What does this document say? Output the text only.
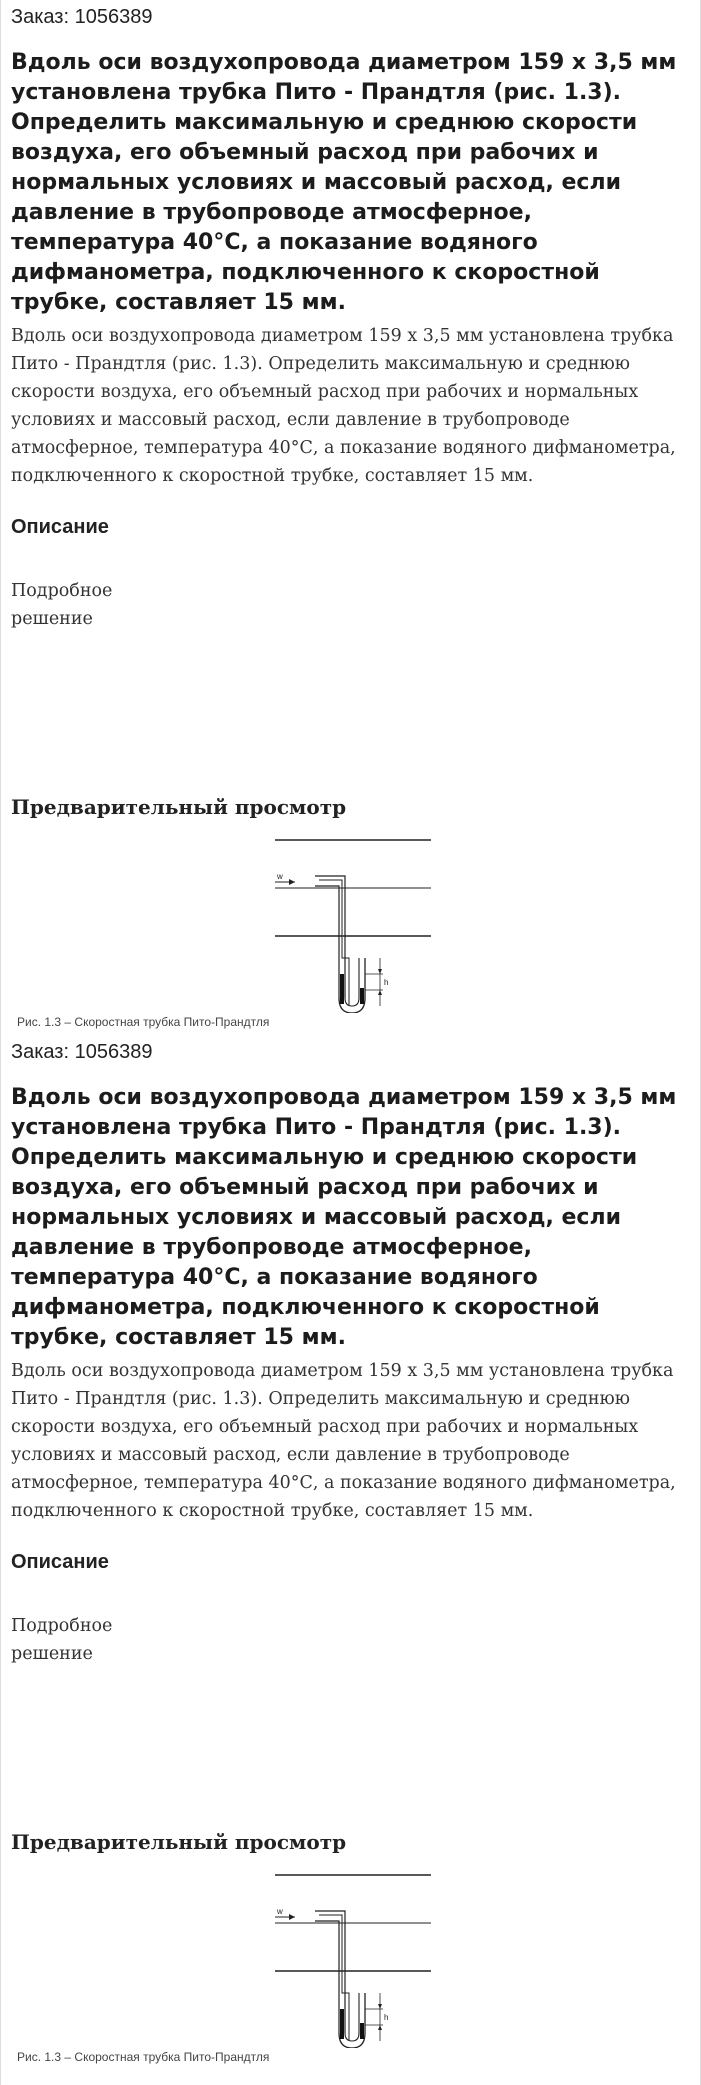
Заказ: 1056389

Вдоль оси воздухопровода диаметром 159 х 3,5 мм установлена трубка Пито - Прандтля (рис. 1.3). Определить максимальную и среднюю скорости воздуха, его объемный расход при рабочих и нормальных условиях и массовый расход, если давление в трубопроводе атмосферное, температура 40°С, а показание водяного дифманометра, подключенного к скоростной трубке, составляет 15 мм.

Вдоль оси воздухопровода диаметром 159 х 3,5 мм установлена трубка Пито - Прандтля (рис. 1.3). Определить максимальную и среднюю скорости воздуха, его объемный расход при рабочих и нормальных условиях и массовый расход, если давление в трубопроводе атмосферное, температура 40°С, а показание водяного дифманометра, подключенного к скоростной трубке, составляет 15 мм.

Описание

Подробное
решение

Предварительный просмотр
w
h

Рис. 1.3 – Скоростная трубка Пито-Прандтля

Заказ: 1056389

Вдоль оси воздухопровода диаметром 159 х 3,5 мм установлена трубка Пито - Прандтля (рис. 1.3). Определить максимальную и среднюю скорости воздуха, его объемный расход при рабочих и нормальных условиях и массовый расход, если давление в трубопроводе атмосферное, температура 40°С, а показание водяного дифманометра, подключенного к скоростной трубке, составляет 15 мм.

Вдоль оси воздухопровода диаметром 159 х 3,5 мм установлена трубка Пито - Прандтля (рис. 1.3). Определить максимальную и среднюю скорости воздуха, его объемный расход при рабочих и нормальных условиях и массовый расход, если давление в трубопроводе атмосферное, температура 40°С, а показание водяного дифманометра, подключенного к скоростной трубке, составляет 15 мм.

Описание

Подробное
решение

Предварительный просмотр
w
h

Рис. 1.3 – Скоростная трубка Пито-Прандтля
